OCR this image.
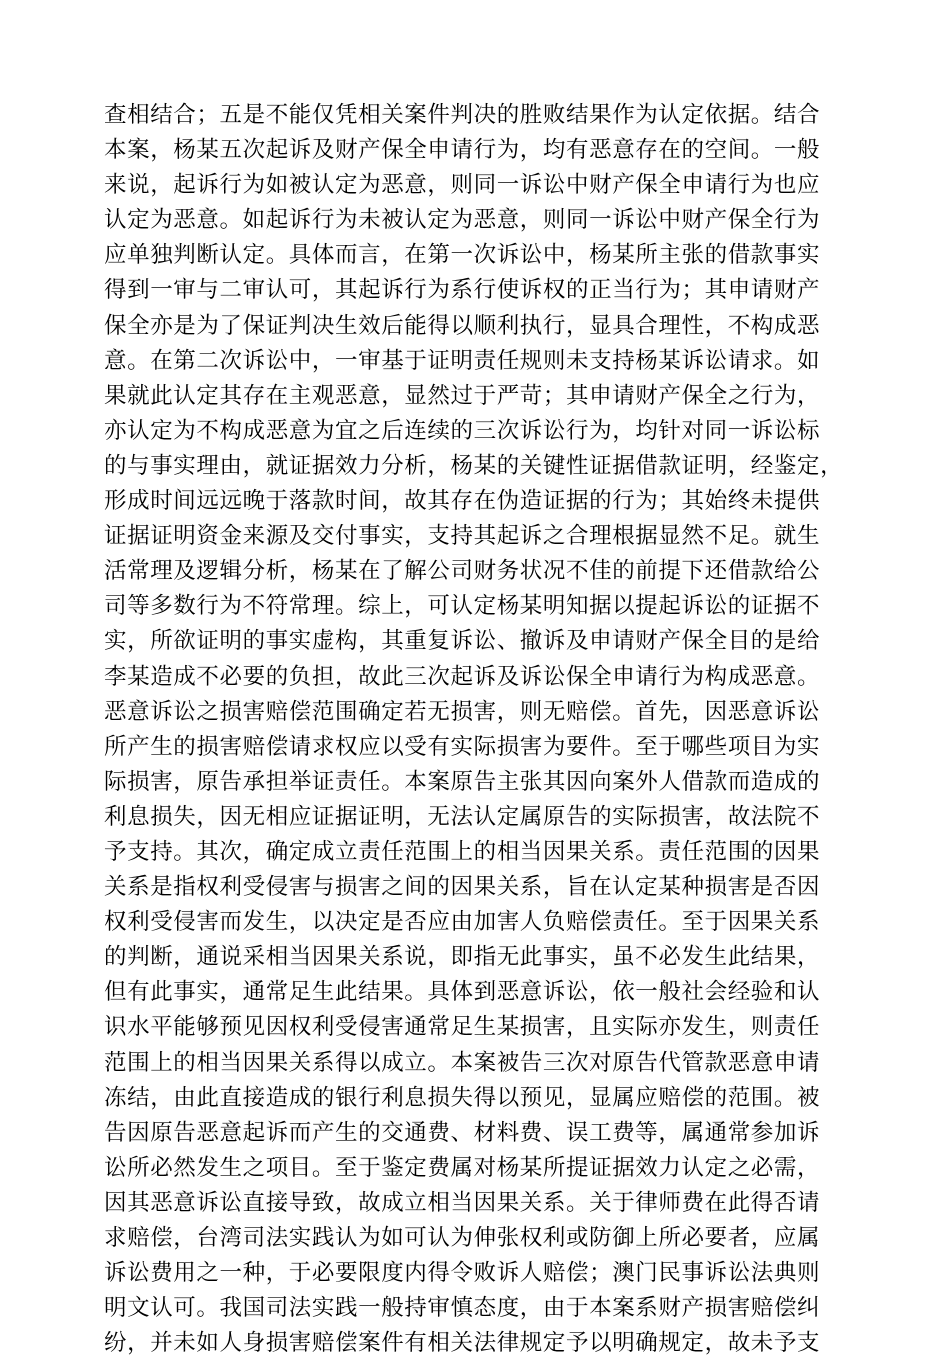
查相结合；五是不能仅凭相关案件判决的胜败结果作为认定依据。结合
本案，杨某五次起诉及财产保全申请行为，均有恶意存在的空间。一般
来说，起诉行为如被认定为恶意，则同一诉讼中财产保全申请行为也应
认定为恶意。如起诉行为未被认定为恶意，则同一诉讼中财产保全行为
应单独判断认定。具体而言，在第一次诉讼中，杨某所主张的借款事实
得到一审与二审认可，其起诉行为系行使诉权的正当行为；其申请财产
保全亦是为了保证判决生效后能得以顺利执行，显具合理性，不构成恶
意。在第二次诉讼中，一审基于证明责任规则未支持杨某诉讼请求。如
果就此认定其存在主观恶意，显然过于严苛；其申请财产保全之行为，
亦认定为不构成恶意为宜之后连续的三次诉讼行为，均针对同一诉讼标
的与事实理由，就证据效力分析，杨某的关键性证据借款证明，经鉴定，
形成时间远远晚于落款时间，故其存在伪造证据的行为；其始终未提供
证据证明资金来源及交付事实，支持其起诉之合理根据显然不足。就生
活常理及逻辑分析，杨某在了解公司财务状况不佳的前提下还借款给公
司等多数行为不符常理。综上，可认定杨某明知据以提起诉讼的证据不
实，所欲证明的事实虚构，其重复诉讼、撤诉及申请财产保全目的是给
李某造成不必要的负担，故此三次起诉及诉讼保全申请行为构成恶意。
恶意诉讼之损害赔偿范围确定若无损害，则无赔偿。首先，因恶意诉讼
所产生的损害赔偿请求权应以受有实际损害为要件。至于哪些项目为实
际损害，原告承担举证责任。本案原告主张其因向案外人借款而造成的
利息损失，因无相应证据证明，无法认定属原告的实际损害，故法院不
予支持。其次，确定成立责任范围上的相当因果关系。责任范围的因果
关系是指权利受侵害与损害之间的因果关系，旨在认定某种损害是否因
权利受侵害而发生，以决定是否应由加害人负赔偿责任。至于因果关系
的判断，通说采相当因果关系说，即指无此事实，虽不必发生此结果，
但有此事实，通常足生此结果。具体到恶意诉讼，依一般社会经验和认
识水平能够预见因权利受侵害通常足生某损害，且实际亦发生，则责任
范围上的相当因果关系得以成立。本案被告三次对原告代管款恶意申请
冻结，由此直接造成的银行利息损失得以预见，显属应赔偿的范围。被
告因原告恶意起诉而产生的交通费、材料费、误工费等，属通常参加诉
讼所必然发生之项目。至于鉴定费属对杨某所提证据效力认定之必需，
因其恶意诉讼直接导致，故成立相当因果关系。关于律师费在此得否请
求赔偿，台湾司法实践认为如可认为伸张权利或防御上所必要者，应属
诉讼费用之一种，于必要限度内得令败诉人赔偿；澳门民事诉讼法典则
明文认可。我国司法实践一般持审慎态度，由于本案系财产损害赔偿纠
纷，并未如人身损害赔偿案件有相关法律规定予以明确规定，故未予支
